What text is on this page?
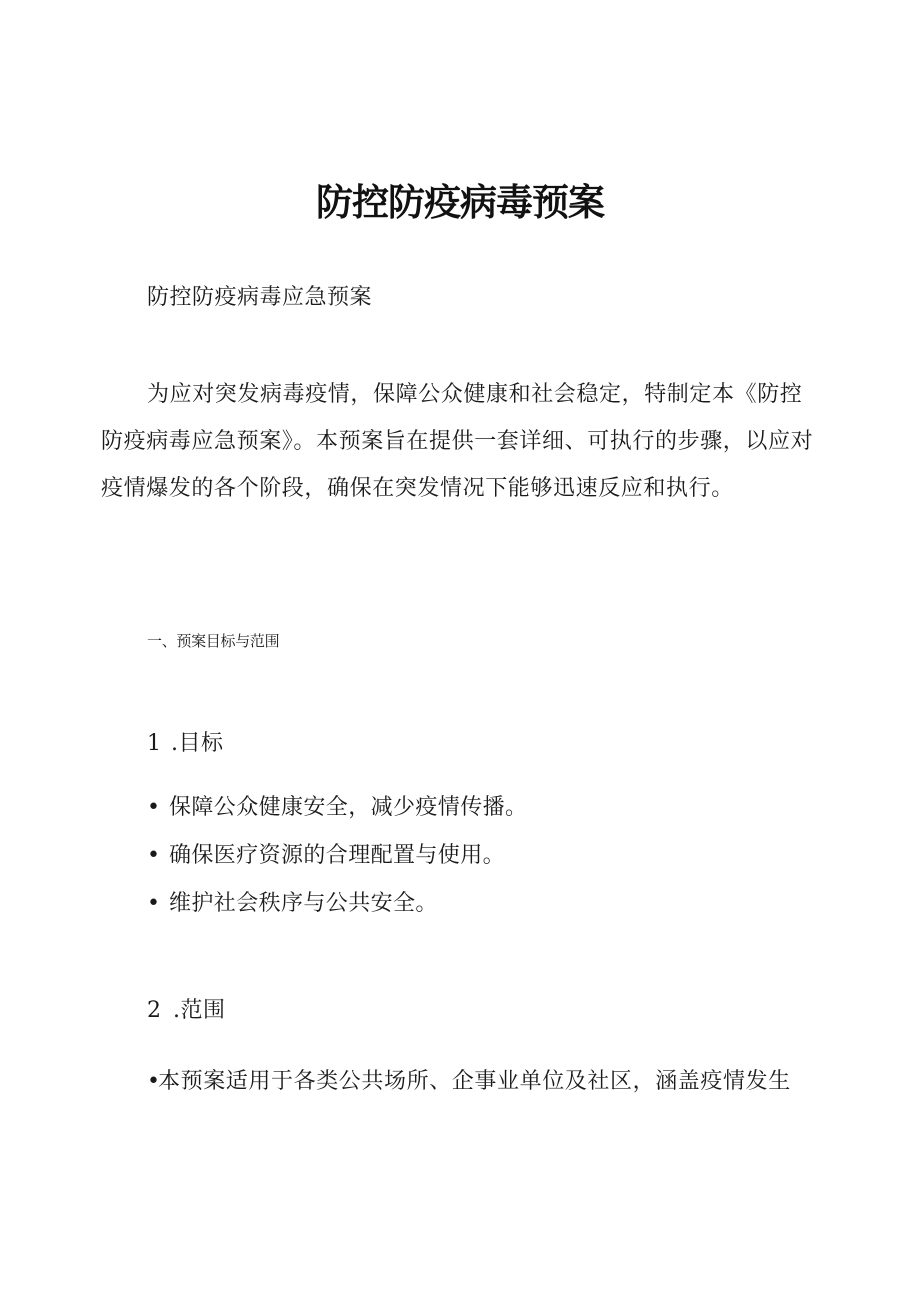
防控防疫病毒预案
防控防疫病毒应急预案

为应对突发病毒疫情，保障公众健康和社会稳定，特制定本《防控防疫病毒应急预案》。本预案旨在提供一套详细、可执行的步骤，以应对疫情爆发的各个阶段，确保在突发情况下能够迅速反应和执行。

一、预案目标与范围
1 .目标
• 保障公众健康安全，减少疫情传播。
• 确保医疗资源的合理配置与使用。
• 维护社会秩序与公共安全。
2 .范围
•本预案适用于各类公共场所、企事业单位及社区，涵盖疫情发生
